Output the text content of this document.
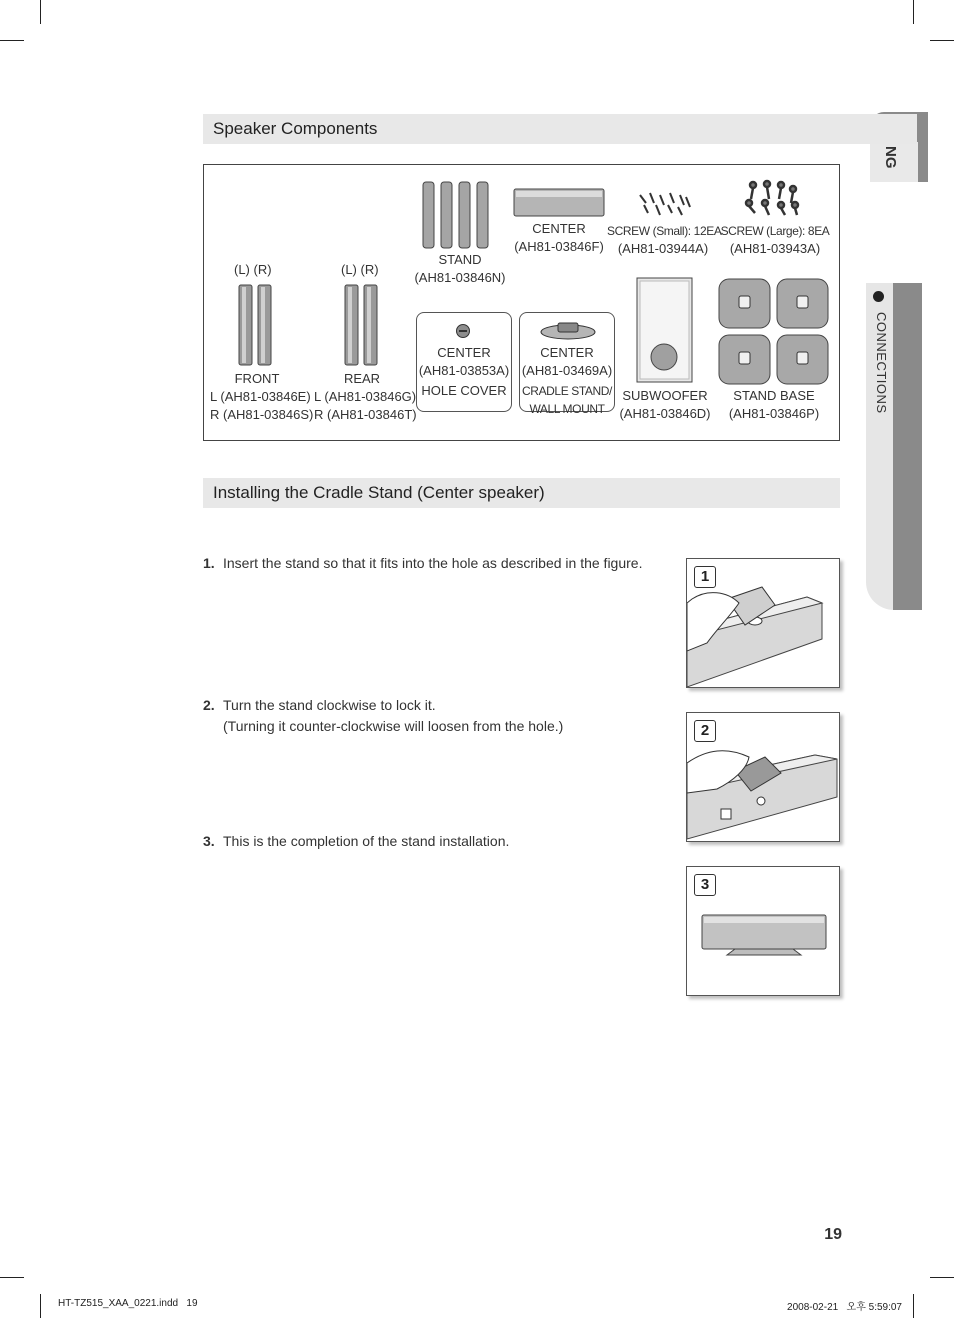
NG
CONNECTIONS
Speaker Components
(L) (R)
FRONT
L (AH81-03846E)
R (AH81-03846S)
(L) (R)
REAR
L (AH81-03846G)
R (AH81-03846T)
STAND
(AH81-03846N)
CENTER
(AH81-03846F)
SCREW (Small): 12EA
(AH81-03944A)
SCREW (Large): 8EA
(AH81-03943A)
CENTER
(AH81-03853A)
HOLE COVER
CENTER
(AH81-03469A)
CRADLE STAND/
WALL MOUNT
SUBWOOFER
(AH81-03846D)
STAND BASE
(AH81-03846P)
Installing the Cradle Stand (Center speaker)
1. Insert the stand so that it fits into the hole as described in the figure.
2. Turn the stand clockwise to lock it.
(Turning it counter-clockwise will loosen from the hole.)
3. This is the completion of the stand installation.
1
2
3
19
HT-TZ515_XAA_0221.indd   19	2008-02-21   오후 5:59:07
